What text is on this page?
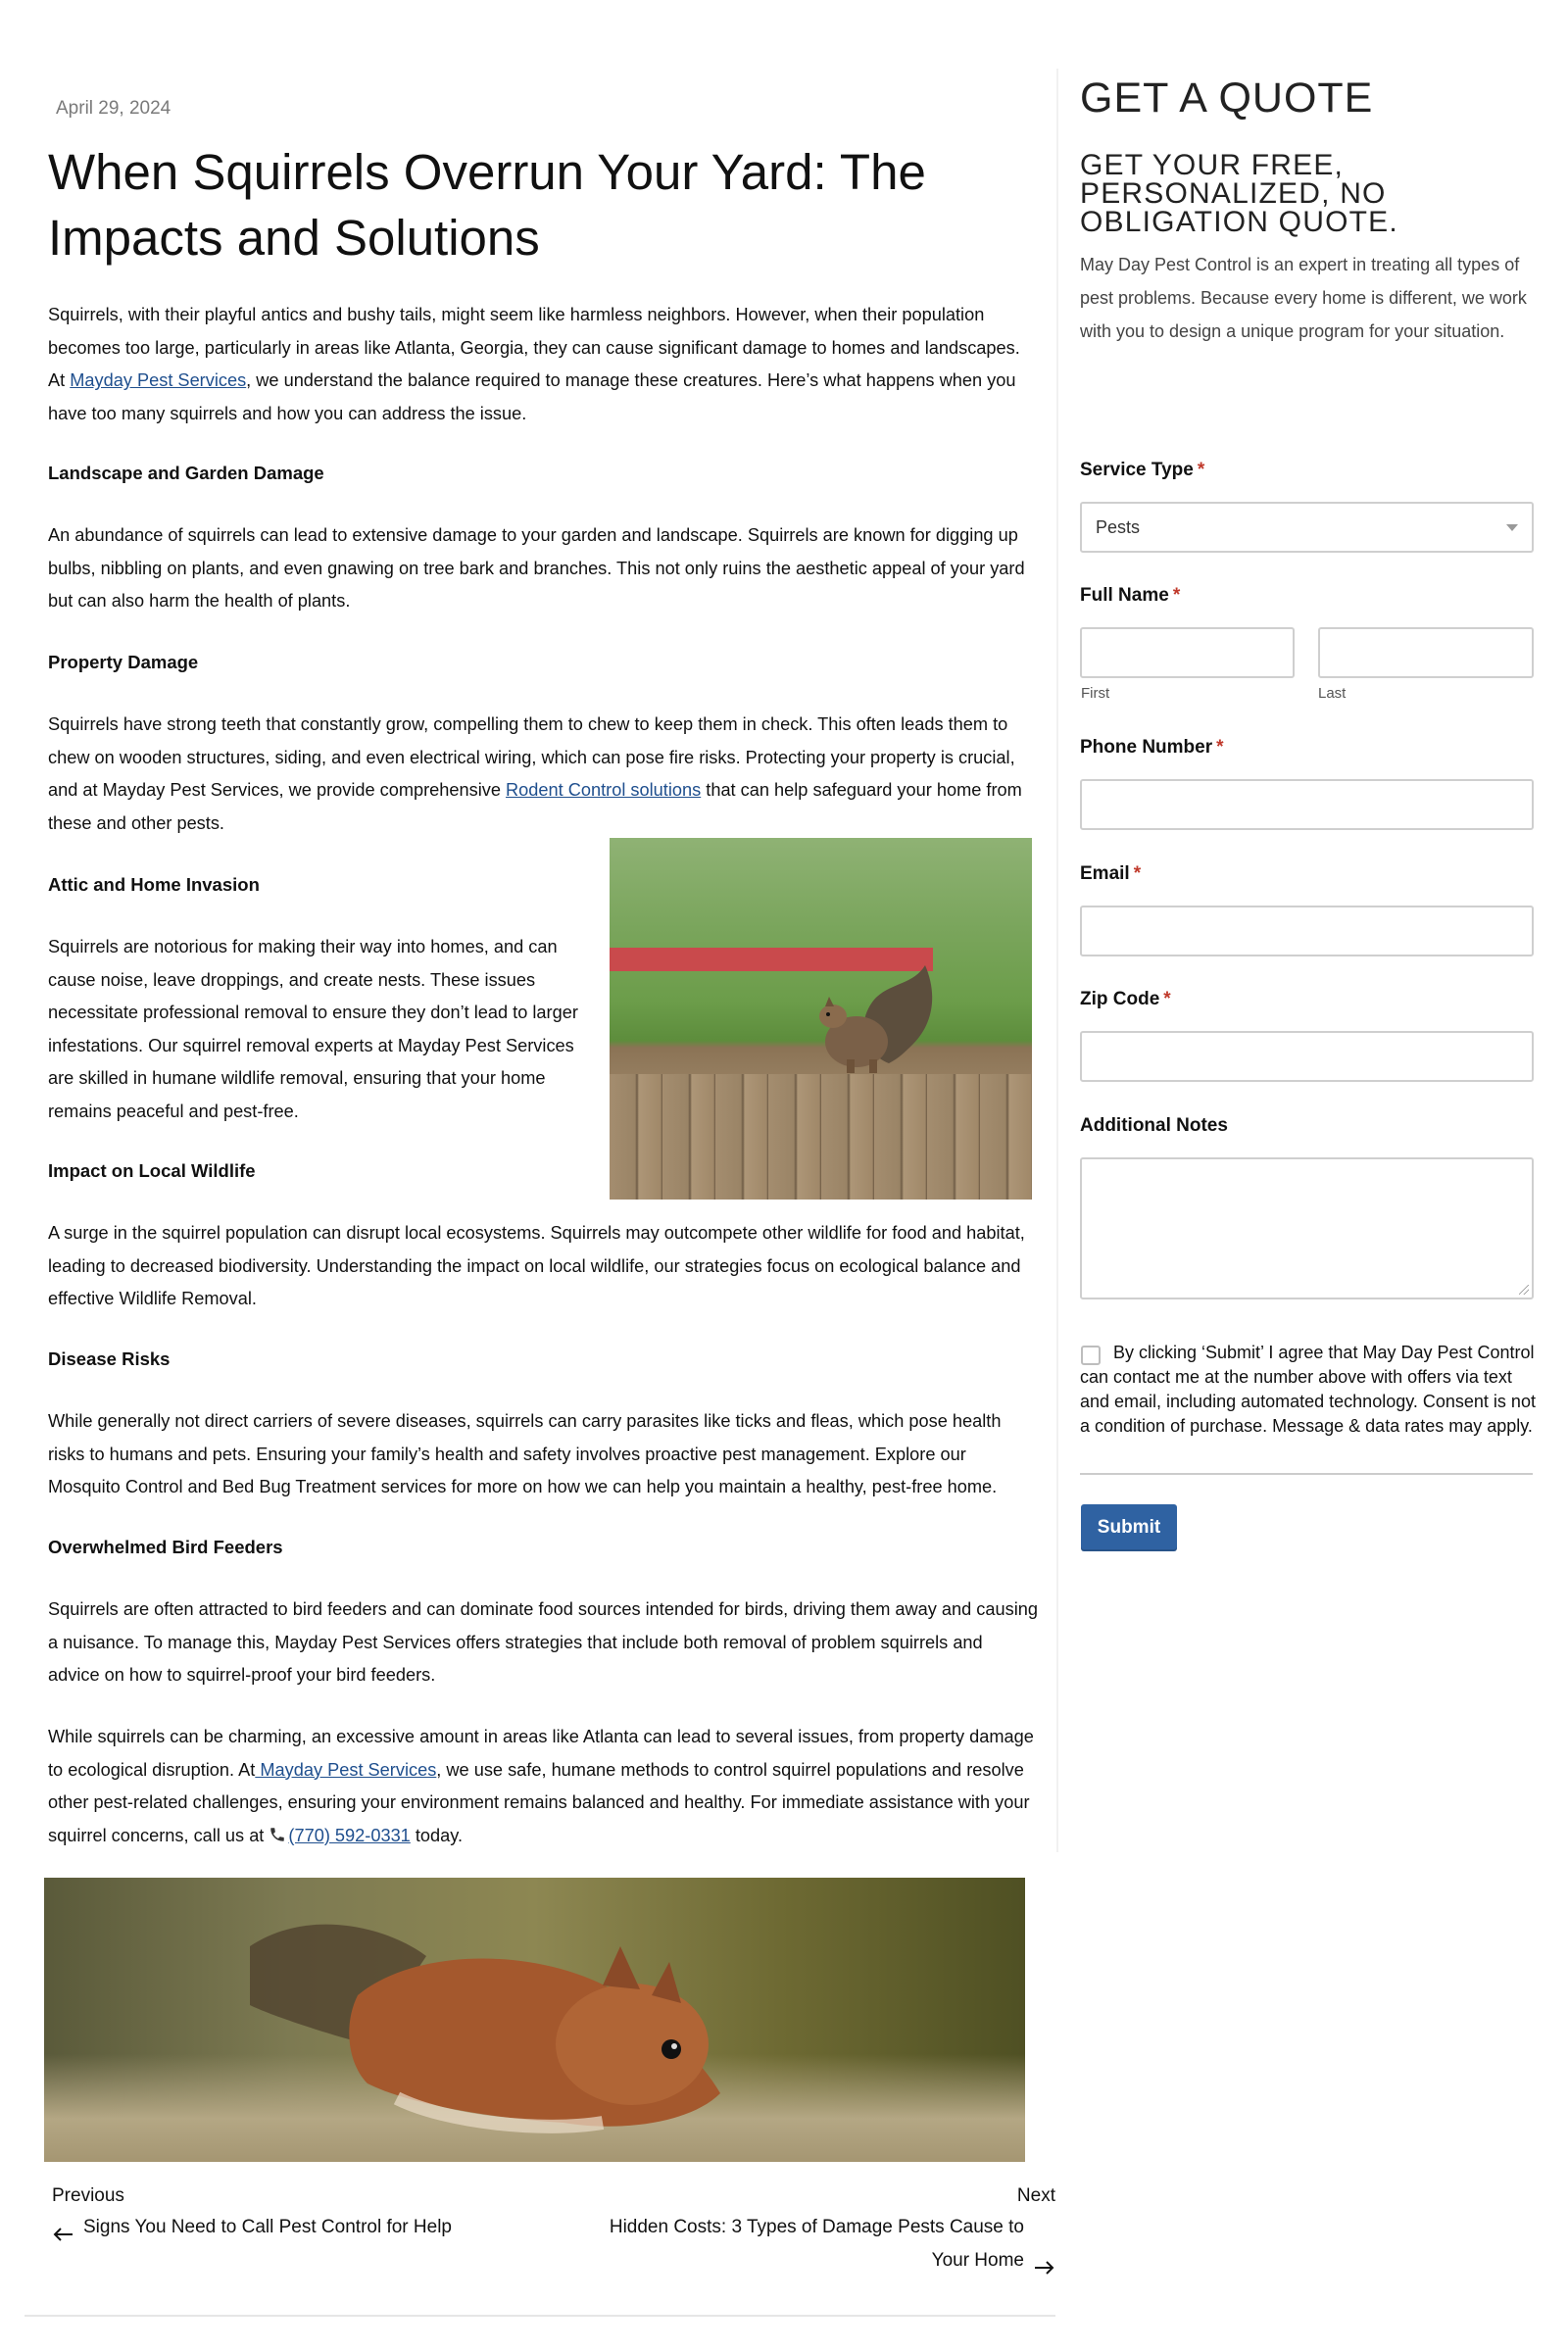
April 29, 2024
When Squirrels Overrun Your Yard: The Impacts and Solutions

Squirrels, with their playful antics and bushy tails, might seem like harmless neighbors. However, when their population becomes too large, particularly in areas like Atlanta, Georgia, they can cause significant damage to homes and landscapes. At Mayday Pest Services, we understand the balance required to manage these creatures. Here’s what happens when you have too many squirrels and how you can address the issue.

Landscape and Garden Damage

An abundance of squirrels can lead to extensive damage to your garden and landscape. Squirrels are known for digging up bulbs, nibbling on plants, and even gnawing on tree bark and branches. This not only ruins the aesthetic appeal of your yard but can also harm the health of plants.

Property Damage

Squirrels have strong teeth that constantly grow, compelling them to chew to keep them in check. This often leads them to chew on wooden structures, siding, and even electrical wiring, which can pose fire risks. Protecting your property is crucial, and at Mayday Pest Services, we provide comprehensive Rodent Control solutions that can help safeguard your home from these and other pests.

Attic and Home Invasion

Squirrels are notorious for making their way into homes, and can cause noise, leave droppings, and create nests. These issues necessitate professional removal to ensure they don’t lead to larger infestations. Our squirrel removal experts at Mayday Pest Services are skilled in humane wildlife removal, ensuring that your home remains peaceful and pest-free.

Impact on Local Wildlife

A surge in the squirrel population can disrupt local ecosystems. Squirrels may outcompete other wildlife for food and habitat, leading to decreased biodiversity. Understanding the impact on local wildlife, our strategies focus on ecological balance and effective Wildlife Removal.

Disease Risks

While generally not direct carriers of severe diseases, squirrels can carry parasites like ticks and fleas, which pose health risks to humans and pets. Ensuring your family’s health and safety involves proactive pest management. Explore our Mosquito Control and Bed Bug Treatment services for more on how we can help you maintain a healthy, pest-free home.

Overwhelmed Bird Feeders

Squirrels are often attracted to bird feeders and can dominate food sources intended for birds, driving them away and causing a nuisance. To manage this, Mayday Pest Services offers strategies that include both removal of problem squirrels and advice on how to squirrel-proof your bird feeders.

While squirrels can be charming, an excessive amount in areas like Atlanta can lead to several issues, from property damage to ecological disruption. At Mayday Pest Services, we use safe, humane methods to control squirrel populations and resolve other pest-related challenges, ensuring your environment remains balanced and healthy. For immediate assistance with your squirrel concerns, call us at (770) 592-0331 today.

Previous
Signs You Need to Call Pest Control for Help
Next
Hidden Costs: 3 Types of Damage Pests Cause to Your Home
GET A QUOTE
GET YOUR FREE, PERSONALIZED, NO OBLIGATION QUOTE.

May Day Pest Control is an expert in treating all types of pest problems. Because every home is different, we work with you to design a unique program for your situation.

Service Type *
Pests
Full Name *
First	Last
Phone Number *
Email *
Zip Code *
Additional Notes

By clicking ‘Submit’ I agree that May Day Pest Control can contact me at the number above with offers via text and email, including automated technology. Consent is not a condition of purchase. Message & data rates may apply.

Submit
